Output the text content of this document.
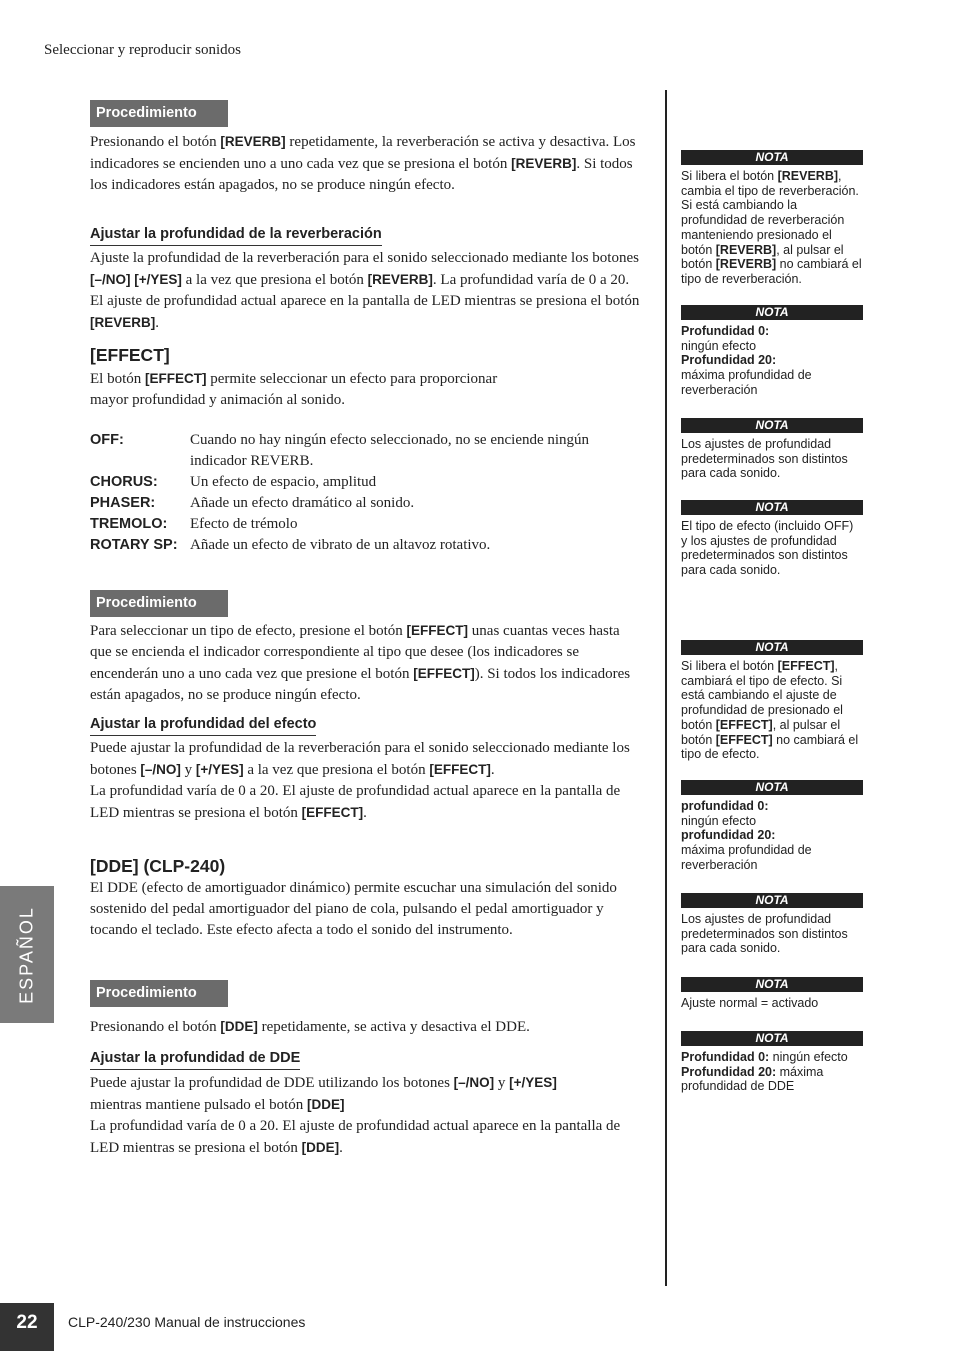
Seleccionar y reproducir sonidos
Procedimiento

Presionando el botón [REVERB] repetidamente, la reverberación se activa y desactiva. Los indicadores se encienden uno a uno cada vez que se presiona el botón [REVERB]. Si todos los indicadores están apagados, no se produce ningún efecto.

Ajustar la profundidad de la reverberación

Ajuste la profundidad de la reverberación para el sonido seleccionado mediante los botones [–/NO] [+/YES] a la vez que presiona el botón [REVERB]. La profundidad varía de 0 a 20. El ajuste de profundidad actual aparece en la pantalla de LED mientras se presiona el botón [REVERB].

[EFFECT]

El botón [EFFECT] permite seleccionar un efecto para proporcionar

mayor profundidad y animación al sonido.

OFF:	Cuando no hay ningún efecto seleccionado, no se enciende ningún indicador REVERB.
CHORUS:	Un efecto de espacio, amplitud
PHASER:	Añade un efecto dramático al sonido.
TREMOLO:	Efecto de trémolo
ROTARY SP: Añade un efecto de vibrato de un altavoz rotativo.
Procedimiento

Para seleccionar un tipo de efecto, presione el botón [EFFECT] unas cuantas veces hasta que se encienda el indicador correspondiente al tipo que desee (los indicadores se encenderán uno a uno cada vez que presione el botón [EFFECT]). Si todos los indicadores están apagados, no se produce ningún efecto.

Ajustar la profundidad del efecto

Puede ajustar la profundidad de la reverberación para el sonido seleccionado mediante los botones [–/NO] y [+/YES] a la vez que presiona el botón [EFFECT].

La profundidad varía de 0 a 20. El ajuste de profundidad actual aparece en la pantalla de LED mientras se presiona el botón [EFFECT].

[DDE] (CLP-240)

El DDE (efecto de amortiguador dinámico) permite escuchar una simulación del sonido sostenido del pedal amortiguador del piano de cola, pulsando el pedal amortiguador y tocando el teclado. Este efecto afecta a todo el sonido del instrumento.

Procedimiento

Presionando el botón [DDE] repetidamente, se activa y desactiva el DDE.

Ajustar la profundidad de DDE

Puede ajustar la profundidad de DDE utilizando los botones [–/NO] y [+/YES]

mientras mantiene pulsado el botón [DDE]

La profundidad varía de 0 a 20. El ajuste de profundidad actual aparece en la pantalla de LED mientras se presiona el botón [DDE].

NOTA

Si libera el botón [REVERB], cambia el tipo de reverberación. Si está cambiando la profundidad de reverberación manteniendo presionado el botón [REVERB], al pulsar el botón [REVERB] no cambiará el tipo de reverberación.

NOTA

Profundidad 0:

ningún efecto

Profundidad 20:

máxima profundidad de reverberación

NOTA

Los ajustes de profundidad predeterminados son distintos para cada sonido.

NOTA

El tipo de efecto (incluido OFF) y los ajustes de profundidad predeterminados son distintos para cada sonido.

NOTA

Si libera el botón [EFFECT], cambiará el tipo de efecto. Si está cambiando el ajuste de profundidad de presionado el botón [EFFECT], al pulsar el botón [EFFECT] no cambiará el tipo de efecto.

NOTA

profundidad 0:

ningún efecto

profundidad 20:

máxima profundidad de reverberación

NOTA

Los ajustes de profundidad predeterminados son distintos para cada sonido.

NOTA

Ajuste normal = activado

NOTA

Profundidad 0: ningún efecto

Profundidad 20: máxima profundidad de DDE

ESPAÑOL
22	CLP-240/230 Manual de instrucciones
